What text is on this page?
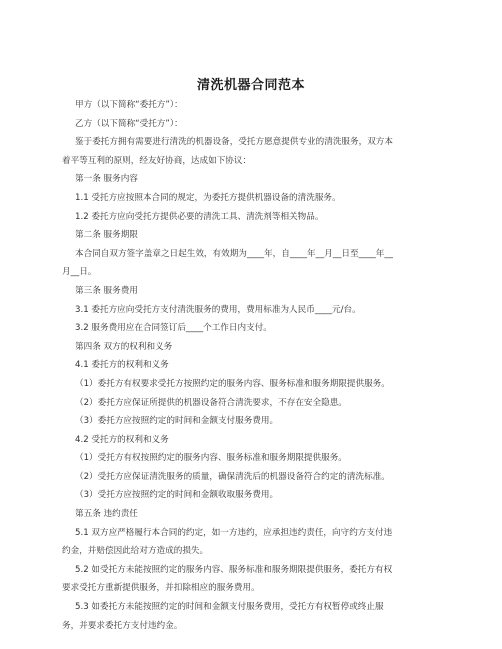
清洗机器合同范本
甲方（以下简称“委托方”）：
乙方（以下简称“受托方”）：
鉴于委托方拥有需要进行清洗的机器设备，受托方愿意提供专业的清洗服务，双方本
着平等互利的原则，经友好协商，达成如下协议：
第一条 服务内容
1.1 受托方应按照本合同的规定，为委托方提供机器设备的清洗服务。
1.2 委托方应向受托方提供必要的清洗工具、清洗剂等相关物品。
第二条 服务期限
本合同自双方签字盖章之日起生效，有效期为____年，自____年__月__日至____年__
月__日。
第三条 服务费用
3.1 委托方应向受托方支付清洗服务的费用，费用标准为人民币____元/台。
3.2 服务费用应在合同签订后____个工作日内支付。
第四条 双方的权利和义务
4.1 委托方的权利和义务
（1）委托方有权要求受托方按照约定的服务内容、服务标准和服务期限提供服务。
（2）委托方应保证所提供的机器设备符合清洗要求，不存在安全隐患。
（3）委托方应按照约定的时间和金额支付服务费用。
4.2 受托方的权利和义务
（1）受托方有权按照约定的服务内容、服务标准和服务期限提供服务。
（2）受托方应保证清洗服务的质量，确保清洗后的机器设备符合约定的清洗标准。
（3）受托方应按照约定的时间和金额收取服务费用。
第五条 违约责任
5.1 双方应严格履行本合同的约定，如一方违约，应承担违约责任，向守约方支付违
约金，并赔偿因此给对方造成的损失。
5.2 如受托方未能按照约定的服务内容、服务标准和服务期限提供服务，委托方有权
要求受托方重新提供服务，并扣除相应的服务费用。
5.3 如委托方未能按照约定的时间和金额支付服务费用，受托方有权暂停或终止服
务，并要求委托方支付违约金。
